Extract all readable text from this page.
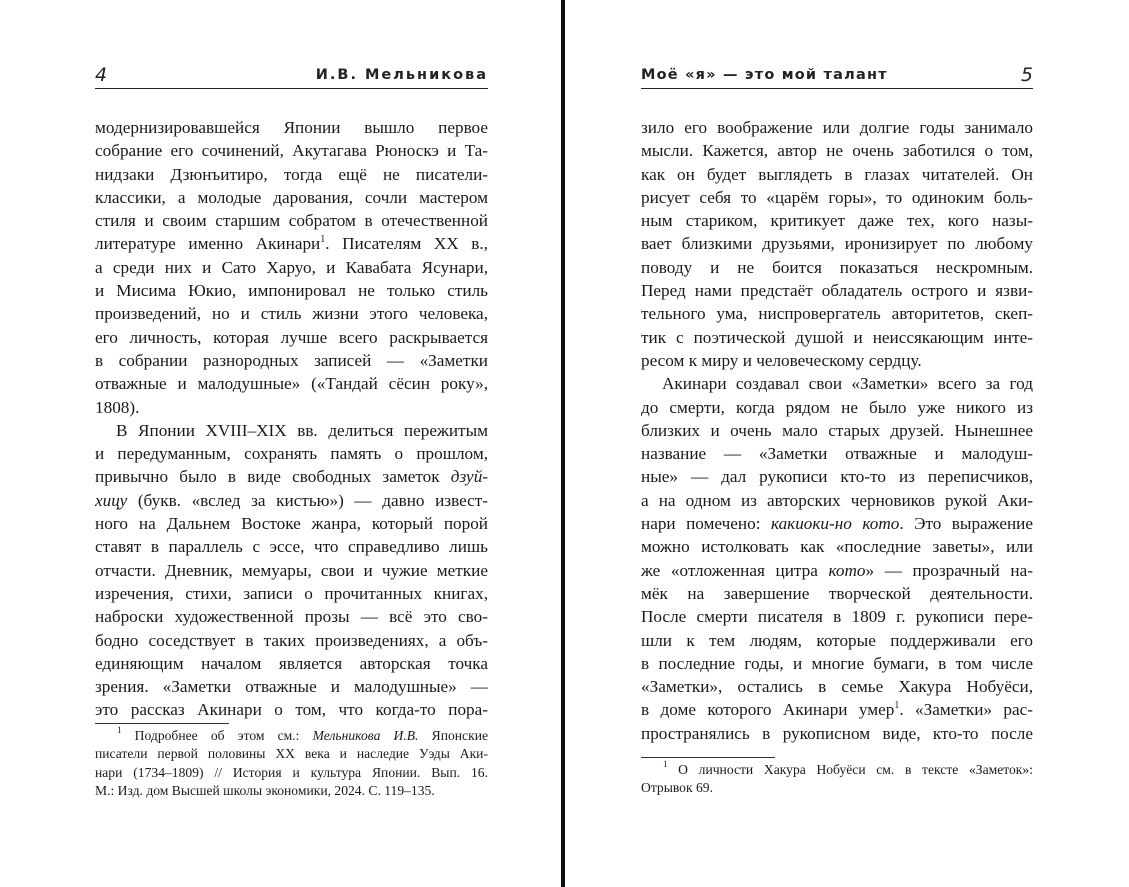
4	И.В. Мельникова
модернизировавшейся Японии вышло первое
собрание его сочинений, Акутагава Рюноскэ и Та-
нидзаки Дзюнъитиро, тогда ещё не писатели-
классики, а молодые дарования, сочли мастером
стиля и своим старшим собратом в отечественной
литературе именно Акинари$^1$. Писателям XX в.,
а среди них и Сато Харуо, и Кавабата Ясунари,
и Мисима Юкио, импонировал не только стиль
произведений, но и стиль жизни этого человека,
его личность, которая лучше всего раскрывается
в собрании разнородных записей — «Заметки
отважные и малодушные» («Тандай сёсин року»,
1808).
В Японии XVIII–XIX вв. делиться пережитым
и передуманным, сохранять память о прошлом,
привычно было в виде свободных заметок дзуй-
хицу (букв. «вслед за кистью») — давно извест-
ного на Дальнем Востоке жанра, который порой
ставят в параллель с эссе, что справедливо лишь
отчасти. Дневник, мемуары, свои и чужие меткие
изречения, стихи, записи о прочитанных книгах,
наброски художественной прозы — всё это сво-
бодно соседствует в таких произведениях, а объ-
единяющим началом является авторская точка
зрения. «Заметки отважные и малодушные» —
это рассказ Акинари о том, что когда-то пора-
$^1$ Подробнее об этом см.: Мельникова И.В. Японские
писатели первой половины XX века и наследие Уэды Аки-
нари (1734–1809) // История и культура Японии. Вып. 16.
М.: Изд. дом Высшей школы экономики, 2024. С. 119–135.
Моё «я» — это мой талант	5
зило его воображение или долгие годы занимало
мысли. Кажется, автор не очень заботился о том,
как он будет выглядеть в глазах читателей. Он
рисует себя то «царём горы», то одиноким боль-
ным стариком, критикует даже тех, кого назы-
вает близкими друзьями, иронизирует по любому
поводу и не боится показаться нескромным.
Перед нами предстаёт обладатель острого и язви-
тельного ума, ниспровергатель авторитетов, скеп-
тик с поэтической душой и неиссякающим инте-
ресом к миру и человеческому сердцу.
Акинари создавал свои «Заметки» всего за год
до смерти, когда рядом не было уже никого из
близких и очень мало старых друзей. Нынешнее
название — «Заметки отважные и малодуш-
ные» — дал рукописи кто-то из переписчиков,
а на одном из авторских черновиков рукой Аки-
нари помечено: какиоки-но кото. Это выражение
можно истолковать как «последние заветы», или
же «отложенная цитра кото» — прозрачный на-
мёк на завершение творческой деятельности.
После смерти писателя в 1809 г. рукописи пере-
шли к тем людям, которые поддерживали его
в последние годы, и многие бумаги, в том числе
«Заметки», остались в семье Хакура Нобуёси,
в доме которого Акинари умер$^1$. «Заметки» рас-
пространялись в рукописном виде, кто-то после
$^1$ О личности Хакура Нобуёси см. в тексте «Заметок»:
Отрывок 69.
